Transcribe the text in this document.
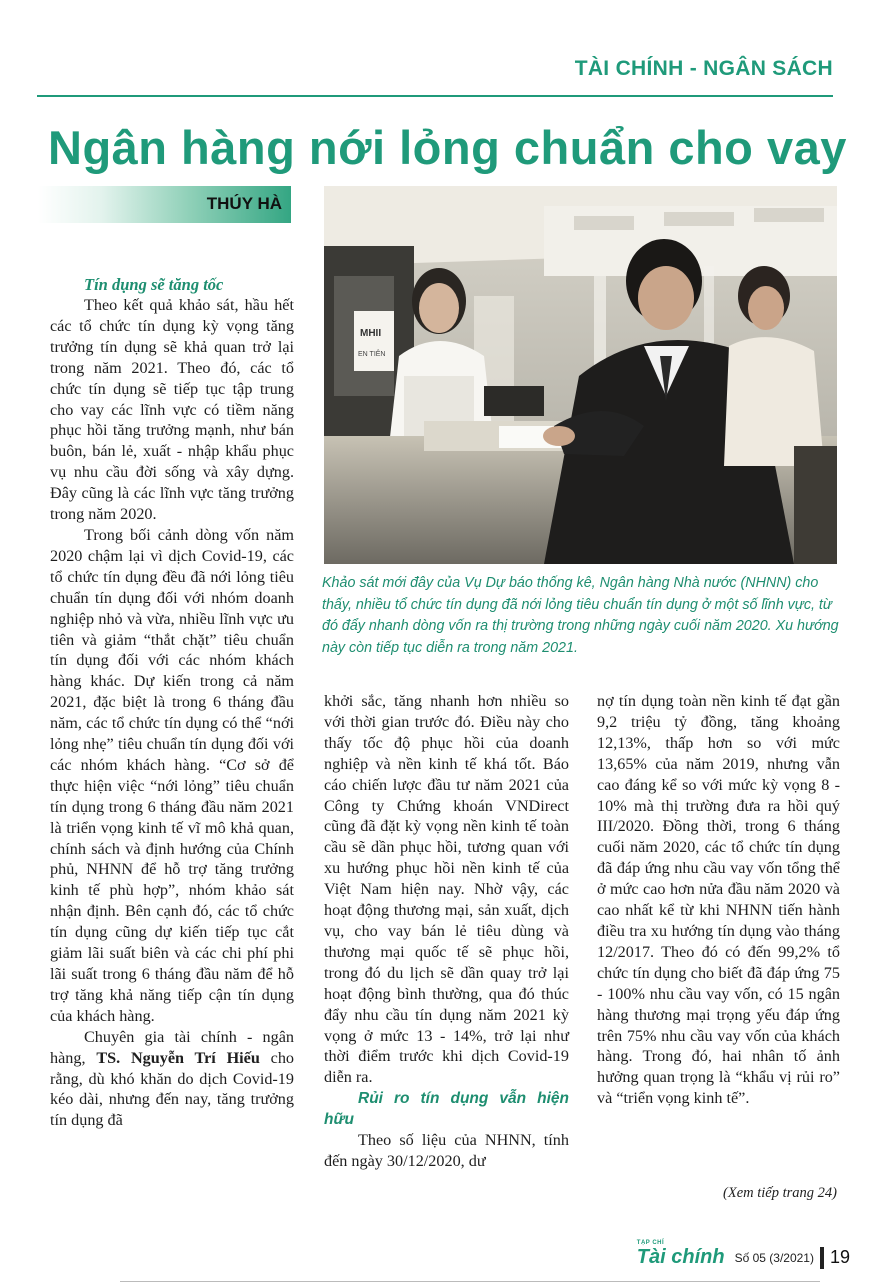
TÀI CHÍNH - NGÂN SÁCH
Ngân hàng nới lỏng chuẩn cho vay
THÚY HÀ
MHII
EN TIÊN
Khảo sát mới đây của Vụ Dự báo thống kê, Ngân hàng Nhà nước (NHNN) cho thấy, nhiều tổ chức tín dụng đã nới lỏng tiêu chuẩn tín dụng ở một số lĩnh vực, từ đó đẩy nhanh dòng vốn ra thị trường trong những ngày cuối năm 2020. Xu hướng này còn tiếp tục diễn ra trong năm 2021.

Tín dụng sẽ tăng tốc

Theo kết quả khảo sát, hầu hết các tổ chức tín dụng kỳ vọng tăng trưởng tín dụng sẽ khả quan trở lại trong năm 2021. Theo đó, các tổ chức tín dụng sẽ tiếp tục tập trung cho vay các lĩnh vực có tiềm năng phục hồi tăng trưởng mạnh, như bán buôn, bán lẻ, xuất - nhập khẩu phục vụ nhu cầu đời sống và xây dựng. Đây cũng là các lĩnh vực tăng trưởng trong năm 2020.

Trong bối cảnh dòng vốn năm 2020 chậm lại vì dịch Covid-19, các tổ chức tín dụng đều đã nới lỏng tiêu chuẩn tín dụng đối với nhóm doanh nghiệp nhỏ và vừa, nhiều lĩnh vực ưu tiên và giảm “thắt chặt” tiêu chuẩn tín dụng đối với các nhóm khách hàng khác. Dự kiến trong cả năm 2021, đặc biệt là trong 6 tháng đầu năm, các tổ chức tín dụng có thể “nới lỏng nhẹ” tiêu chuẩn tín dụng đối với các nhóm khách hàng. “Cơ sở để thực hiện việc “nới lỏng” tiêu chuẩn tín dụng trong 6 tháng đầu năm 2021 là triển vọng kinh tế vĩ mô khả quan, chính sách và định hướng của Chính phủ, NHNN để hỗ trợ tăng trưởng kinh tế phù hợp”, nhóm khảo sát nhận định. Bên cạnh đó, các tổ chức tín dụng cũng dự kiến tiếp tục cắt giảm lãi suất biên và các chi phí phi lãi suất trong 6 tháng đầu năm để hỗ trợ tăng khả năng tiếp cận tín dụng của khách hàng.

Chuyên gia tài chính - ngân hàng, TS. Nguyễn Trí Hiếu cho rằng, dù khó khăn do dịch Covid-19 kéo dài, nhưng đến nay, tăng trưởng tín dụng đã

khởi sắc, tăng nhanh hơn nhiều so với thời gian trước đó. Điều này cho thấy tốc độ phục hồi của doanh nghiệp và nền kinh tế khá tốt. Báo cáo chiến lược đầu tư năm 2021 của Công ty Chứng khoán VNDirect cũng đã đặt kỳ vọng nền kinh tế toàn cầu sẽ dần phục hồi, tương quan với xu hướng phục hồi nền kinh tế của Việt Nam hiện nay. Nhờ vậy, các hoạt động thương mại, sản xuất, dịch vụ, cho vay bán lẻ tiêu dùng và thương mại quốc tế sẽ phục hồi, trong đó du lịch sẽ dần quay trở lại hoạt động bình thường, qua đó thúc đẩy nhu cầu tín dụng năm 2021 kỳ vọng ở mức 13 - 14%, trở lại như thời điểm trước khi dịch Covid-19 diễn ra.

Rủi ro tín dụng vẫn hiện hữu

Theo số liệu của NHNN, tính đến ngày 30/12/2020, dư

nợ tín dụng toàn nền kinh tế đạt gần 9,2 triệu tỷ đồng, tăng khoảng 12,13%, thấp hơn so với mức 13,65% của năm 2019, nhưng vẫn cao đáng kể so với mức kỳ vọng 8 - 10% mà thị trường đưa ra hồi quý III/2020. Đồng thời, trong 6 tháng cuối năm 2020, các tổ chức tín dụng đã đáp ứng nhu cầu vay vốn tổng thể ở mức cao hơn nửa đầu năm 2020 và cao nhất kể từ khi NHNN tiến hành điều tra xu hướng tín dụng vào tháng 12/2017. Theo đó có đến 99,2% tổ chức tín dụng cho biết đã đáp ứng 75 - 100% nhu cầu vay vốn, có 15 ngân hàng thương mại trọng yếu đáp ứng trên 75% nhu cầu vay vốn của khách hàng. Trong đó, hai nhân tố ảnh hưởng quan trọng là “khẩu vị rủi ro” và “triển vọng kinh tế”.

(Xem tiếp trang 24)
TẠP CHÍ
Tài chính Số 05 (3/2021) 19
